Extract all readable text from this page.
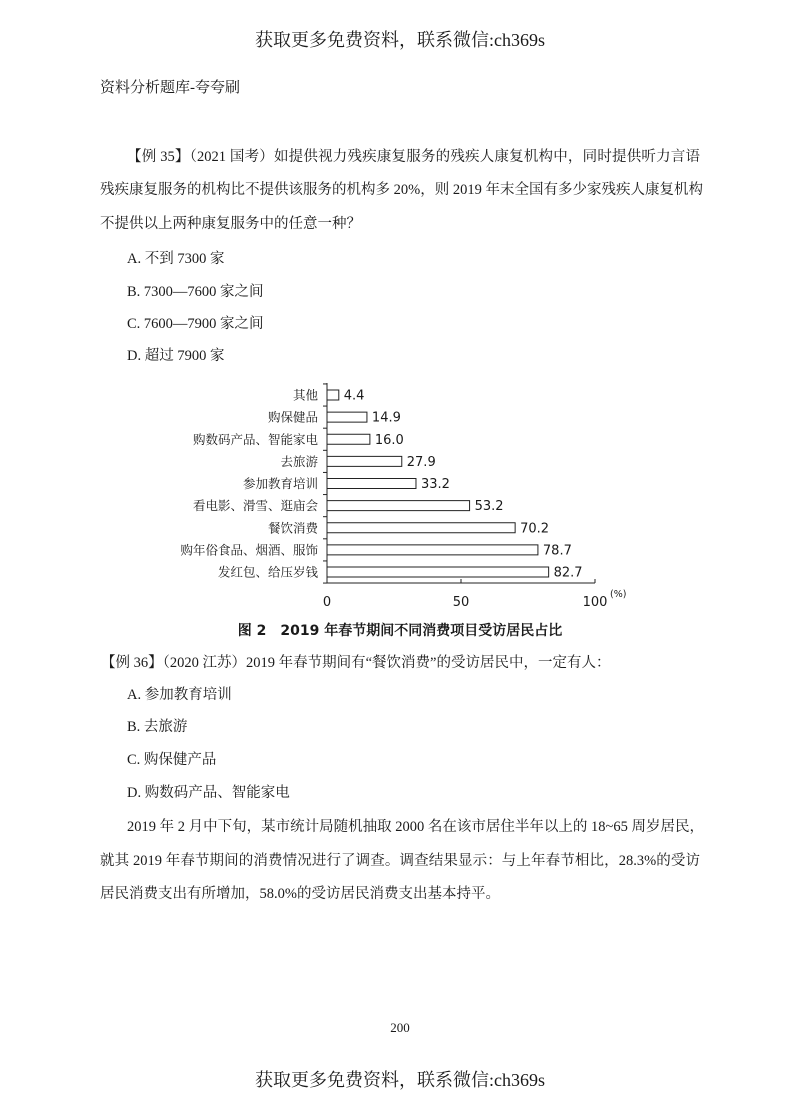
获取更多免费资料，联系微信:ch369s
资料分析题库-夸夸刷
【例 35】（2021 国考）如提供视力残疾康复服务的残疾人康复机构中，同时提供听力言语
残疾康复服务的机构比不提供该服务的机构多 20%，则 2019 年末全国有多少家残疾人康复机构
不提供以上两种康复服务中的任意一种？
A. 不到 7300 家
B. 7300—7600 家之间
C. 7600—7900 家之间
D. 超过 7900 家
0	50	100
(%)
其他 4.4
购保健品	14.9
购数码产品、智能家电	16.0
去旅游	27.9
参加教育培训	33.2
看电影、滑雪、逛庙会	53.2
餐饮消费	70.2
购年俗食品、烟酒、服饰	78.7
发红包、给压岁钱	82.7
图 2　2019 年春节期间不同消费项目受访居民占比
【例 36】（2020 江苏）2019 年春节期间有“餐饮消费”的受访居民中，一定有人：
A. 参加教育培训
B. 去旅游
C. 购保健产品
D. 购数码产品、智能家电
2019 年 2 月中下旬，某市统计局随机抽取 2000 名在该市居住半年以上的 18~65 周岁居民，
就其 2019 年春节期间的消费情况进行了调查。调查结果显示：与上年春节相比，28.3%的受访
居民消费支出有所增加，58.0%的受访居民消费支出基本持平。
200
获取更多免费资料，联系微信:ch369s
